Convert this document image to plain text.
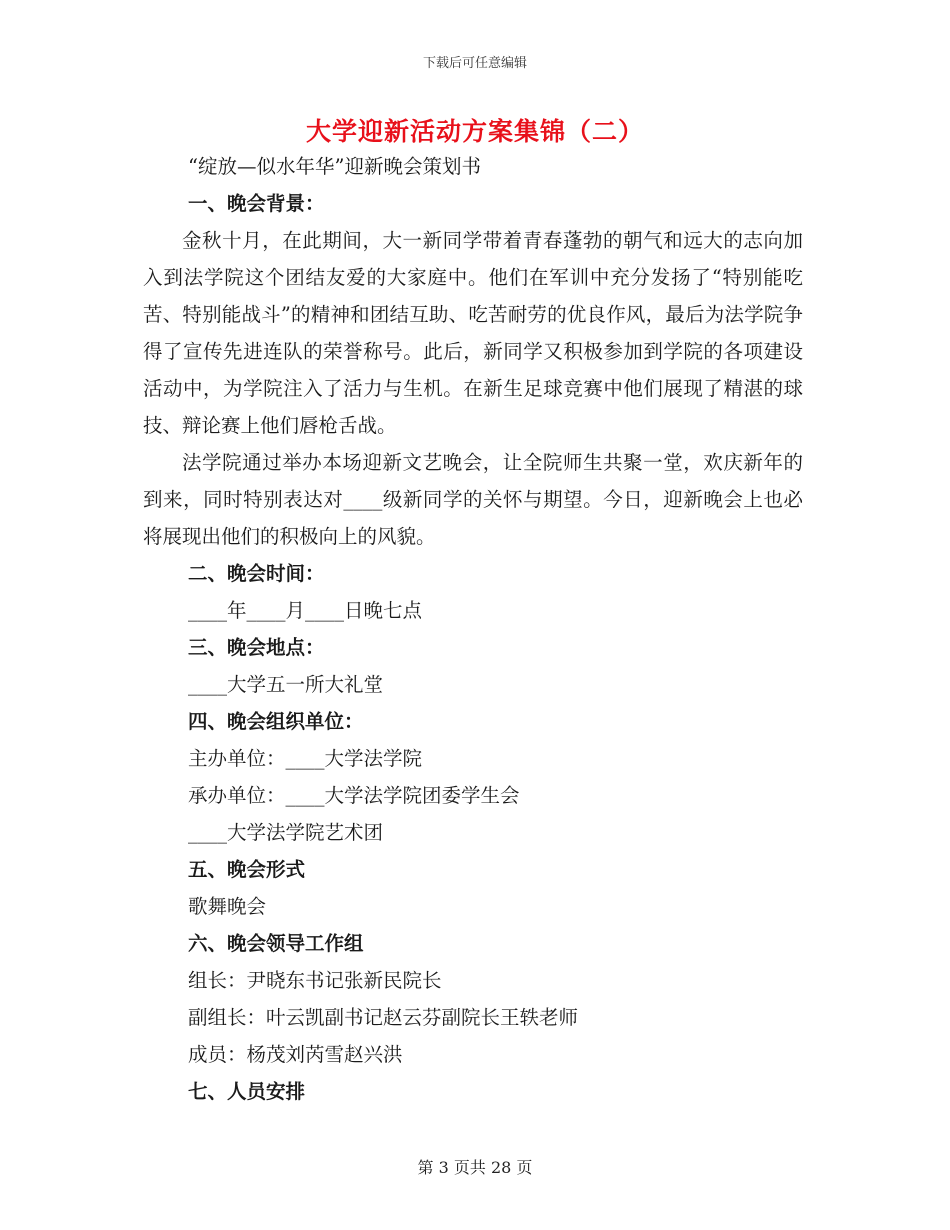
下载后可任意编辑
大学迎新活动方案集锦（二）

“绽放—似水年华”迎新晚会策划书

一、晚会背景：

金秋十月，在此期间，大一新同学带着青春蓬勃的朝气和远大的志向加入到法学院这个团结友爱的大家庭中。他们在军训中充分发扬了“特别能吃苦、特别能战斗”的精神和团结互助、吃苦耐劳的优良作风，最后为法学院争得了宣传先进连队的荣誉称号。此后，新同学又积极参加到学院的各项建设活动中，为学院注入了活力与生机。在新生足球竞赛中他们展现了精湛的球技、辩论赛上他们唇枪舌战。

法学院通过举办本场迎新文艺晚会，让全院师生共聚一堂，欢庆新年的到来，同时特别表达对____级新同学的关怀与期望。今日，迎新晚会上也必将展现出他们的积极向上的风貌。

二、晚会时间：

____年____月____日晚七点

三、晚会地点：

____大学五一所大礼堂

四、晚会组织单位：

主办单位：____大学法学院

承办单位：____大学法学院团委学生会

____大学法学院艺术团

五、晚会形式

歌舞晚会

六、晚会领导工作组

组长：尹晓东书记张新民院长

副组长：叶云凯副书记赵云芬副院长王轶老师

成员：杨茂刘芮雪赵兴洪

七、人员安排

第 3 页共 28 页
